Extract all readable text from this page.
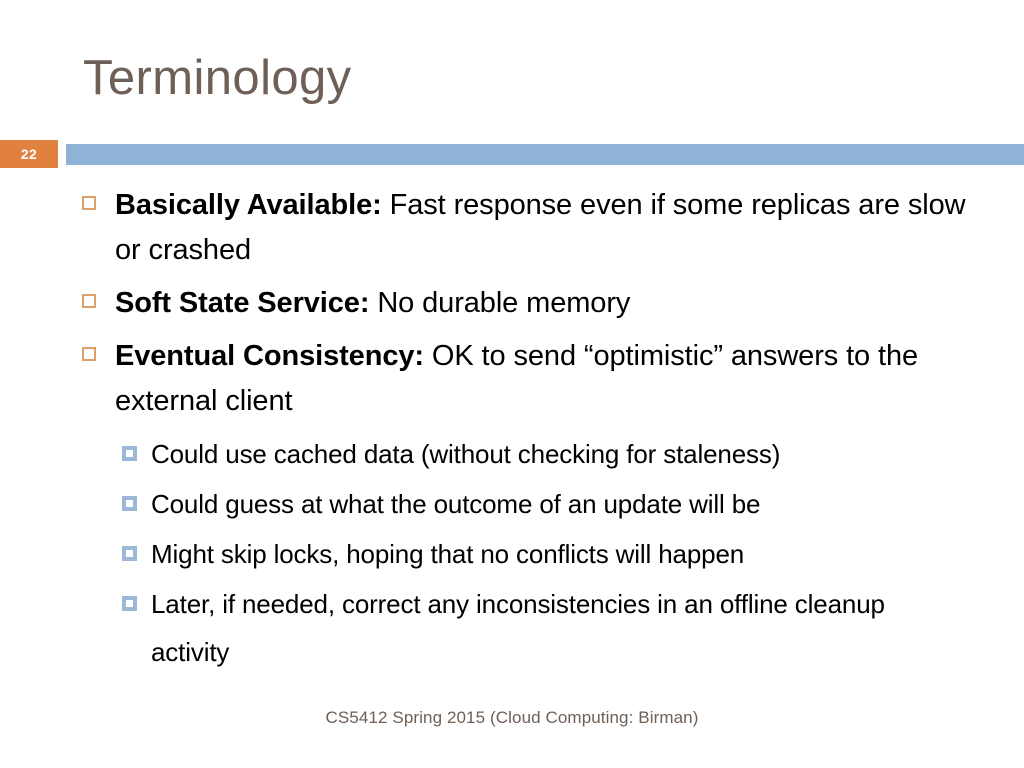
Terminology
22
Basically Available: Fast response even if some replicas are slow or crashed
Soft State Service: No durable memory
Eventual Consistency: OK to send “optimistic” answers to the external client
Could use cached data (without checking for staleness)
Could guess at what the outcome of an update will be
Might skip locks, hoping that no conflicts will happen
Later, if needed, correct any inconsistencies in an offline cleanup activity
CS5412 Spring 2015 (Cloud Computing: Birman)
